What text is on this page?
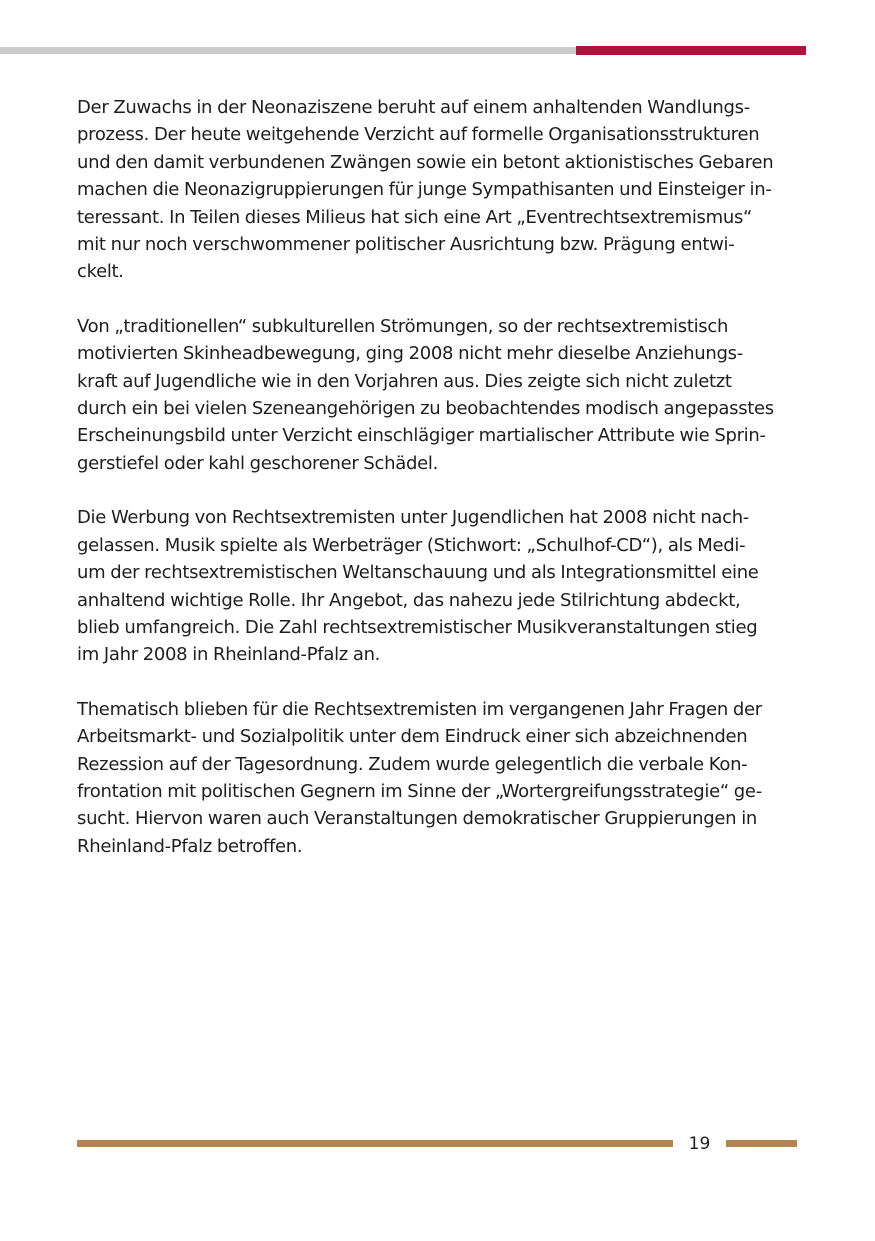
Der Zuwachs in der Neonaziszene beruht auf einem anhaltenden Wandlungs-
prozess. Der heute weitgehende Verzicht auf formelle Organisationsstrukturen
und den damit verbundenen Zwängen sowie ein betont aktionistisches Gebaren
machen die Neonazigruppierungen für junge Sympathisanten und Einsteiger in-
teressant. In Teilen dieses Milieus hat sich eine Art „Eventrechtsextremismus“
mit nur noch verschwommener politischer Ausrichtung bzw. Prägung entwi-
ckelt.

Von „traditionellen“ subkulturellen Strömungen, so der rechtsextremistisch
motivierten Skinheadbewegung, ging 2008 nicht mehr dieselbe Anziehungs-
kraft auf Jugendliche wie in den Vorjahren aus. Dies zeigte sich nicht zuletzt
durch ein bei vielen Szeneangehörigen zu beobachtendes modisch angepasstes
Erscheinungsbild unter Verzicht einschlägiger martialischer Attribute wie Sprin-
gerstiefel oder kahl geschorener Schädel.

Die Werbung von Rechtsextremisten unter Jugendlichen hat 2008 nicht nach-
gelassen. Musik spielte als Werbeträger (Stichwort: „Schulhof-CD“), als Medi-
um der rechtsextremistischen Weltanschauung und als Integrationsmittel eine
anhaltend wichtige Rolle. Ihr Angebot, das nahezu jede Stilrichtung abdeckt,
blieb umfangreich. Die Zahl rechtsextremistischer Musikveranstaltungen stieg
im Jahr 2008 in Rheinland-Pfalz an.

Thematisch blieben für die Rechtsextremisten im vergangenen Jahr Fragen der
Arbeitsmarkt- und Sozialpolitik unter dem Eindruck einer sich abzeichnenden
Rezession auf der Tagesordnung. Zudem wurde gelegentlich die verbale Kon-
frontation mit politischen Gegnern im Sinne der „Wortergreifungsstrategie“ ge-
sucht. Hiervon waren auch Veranstaltungen demokratischer Gruppierungen in
Rheinland-Pfalz betroffen.

19
